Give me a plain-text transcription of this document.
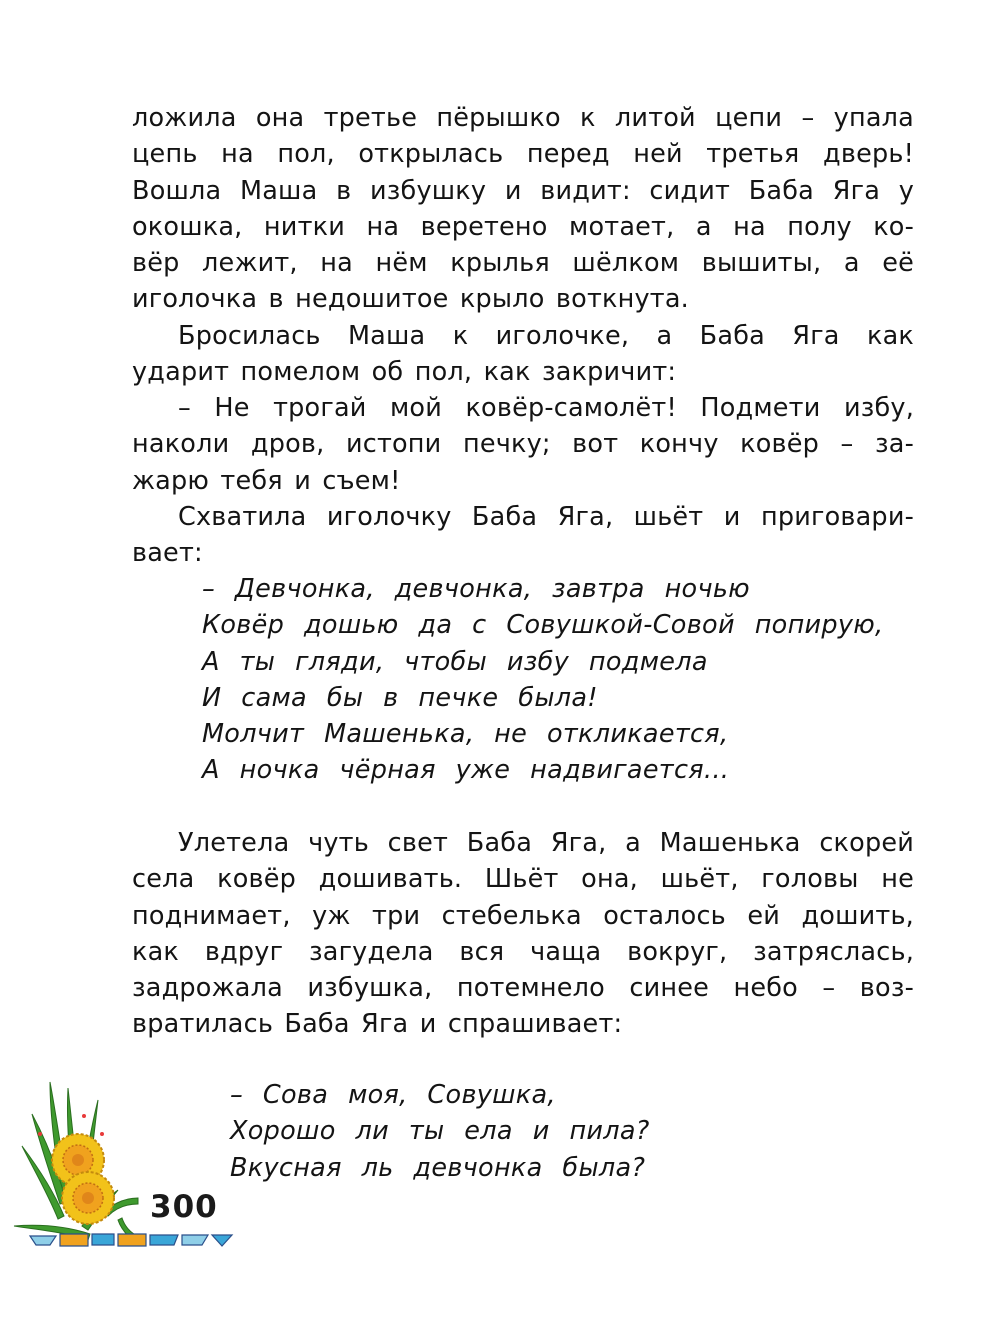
ложила она третье пёрышко к литой цепи – упала
цепь на пол, открылась перед ней третья дверь!
Вошла Маша в избушку и видит: сидит Баба Яга у
окошка, нитки на веретено мотает, а на полу ко-
вёр лежит, на нём крылья шёлком вышиты, а её
иголочка в недошитое крыло воткнута.
Бросилась Маша к иголочке, а Баба Яга как
ударит помелом об пол, как закричит:
– Не трогай мой ковёр-самолёт! Подмети избу,
наколи дров, истопи печку; вот кончу ковёр – за-
жарю тебя и съем!
Схватила иголочку Баба Яга, шьёт и приговари-
вает:
– Девчонка, девчонка, завтра ночью
Ковёр дошью да с Совушкой-Совой попирую,
А ты гляди, чтобы избу подмела
И сама бы в печке была!
Молчит Машенька, не откликается,
А ночка чёрная уже надвигается...
Улетела чуть свет Баба Яга, а Машенька скорей
села ковёр дошивать. Шьёт она, шьёт, головы не
поднимает, уж три стебелька осталось ей дошить,
как вдруг загудела вся чаща вокруг, затряслась,
задрожала избушка, потемнело синее небо – воз-
вратилась Баба Яга и спрашивает:
– Сова моя, Совушка,
Хорошо ли ты ела и пила?
Вкусная ль девчонка была?
300
